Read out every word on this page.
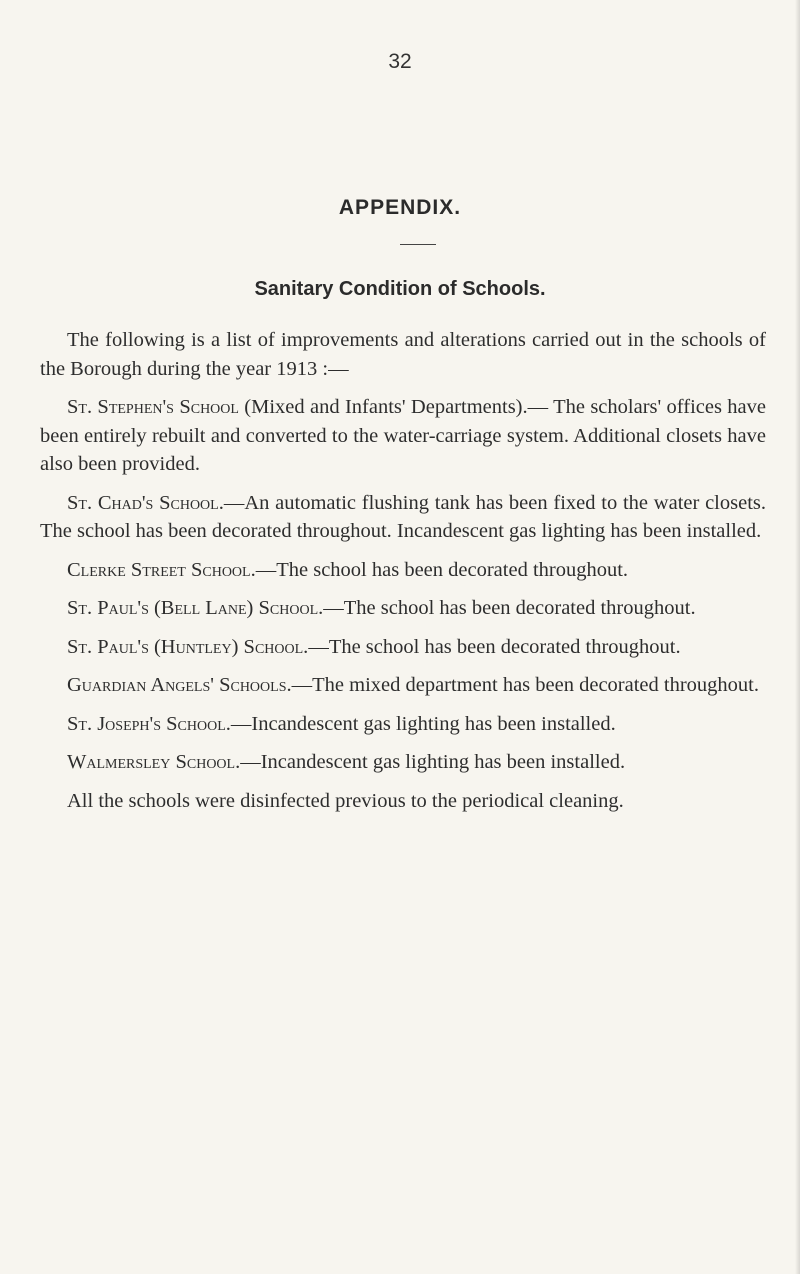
32
APPENDIX.
Sanitary Condition of Schools.

The following is a list of improvements and alterations carried out in the schools of the Borough during the year 1913 :—

St. Stephen's School (Mixed and Infants' Departments).— The scholars' offices have been entirely rebuilt and converted to the water-carriage system. Additional closets have also been provided.

St. Chad's School.—An automatic flushing tank has been fixed to the water closets. The school has been decorated throughout. Incandescent gas lighting has been installed.

Clerke Street School.—The school has been decorated throughout.

St. Paul's (Bell Lane) School.—The school has been decorated throughout.

St. Paul's (Huntley) School.—The school has been decorated throughout.

Guardian Angels' Schools.—The mixed department has been decorated throughout.

St. Joseph's School.—Incandescent gas lighting has been installed.

Walmersley School.—Incandescent gas lighting has been installed.

All the schools were disinfected previous to the periodical cleaning.
